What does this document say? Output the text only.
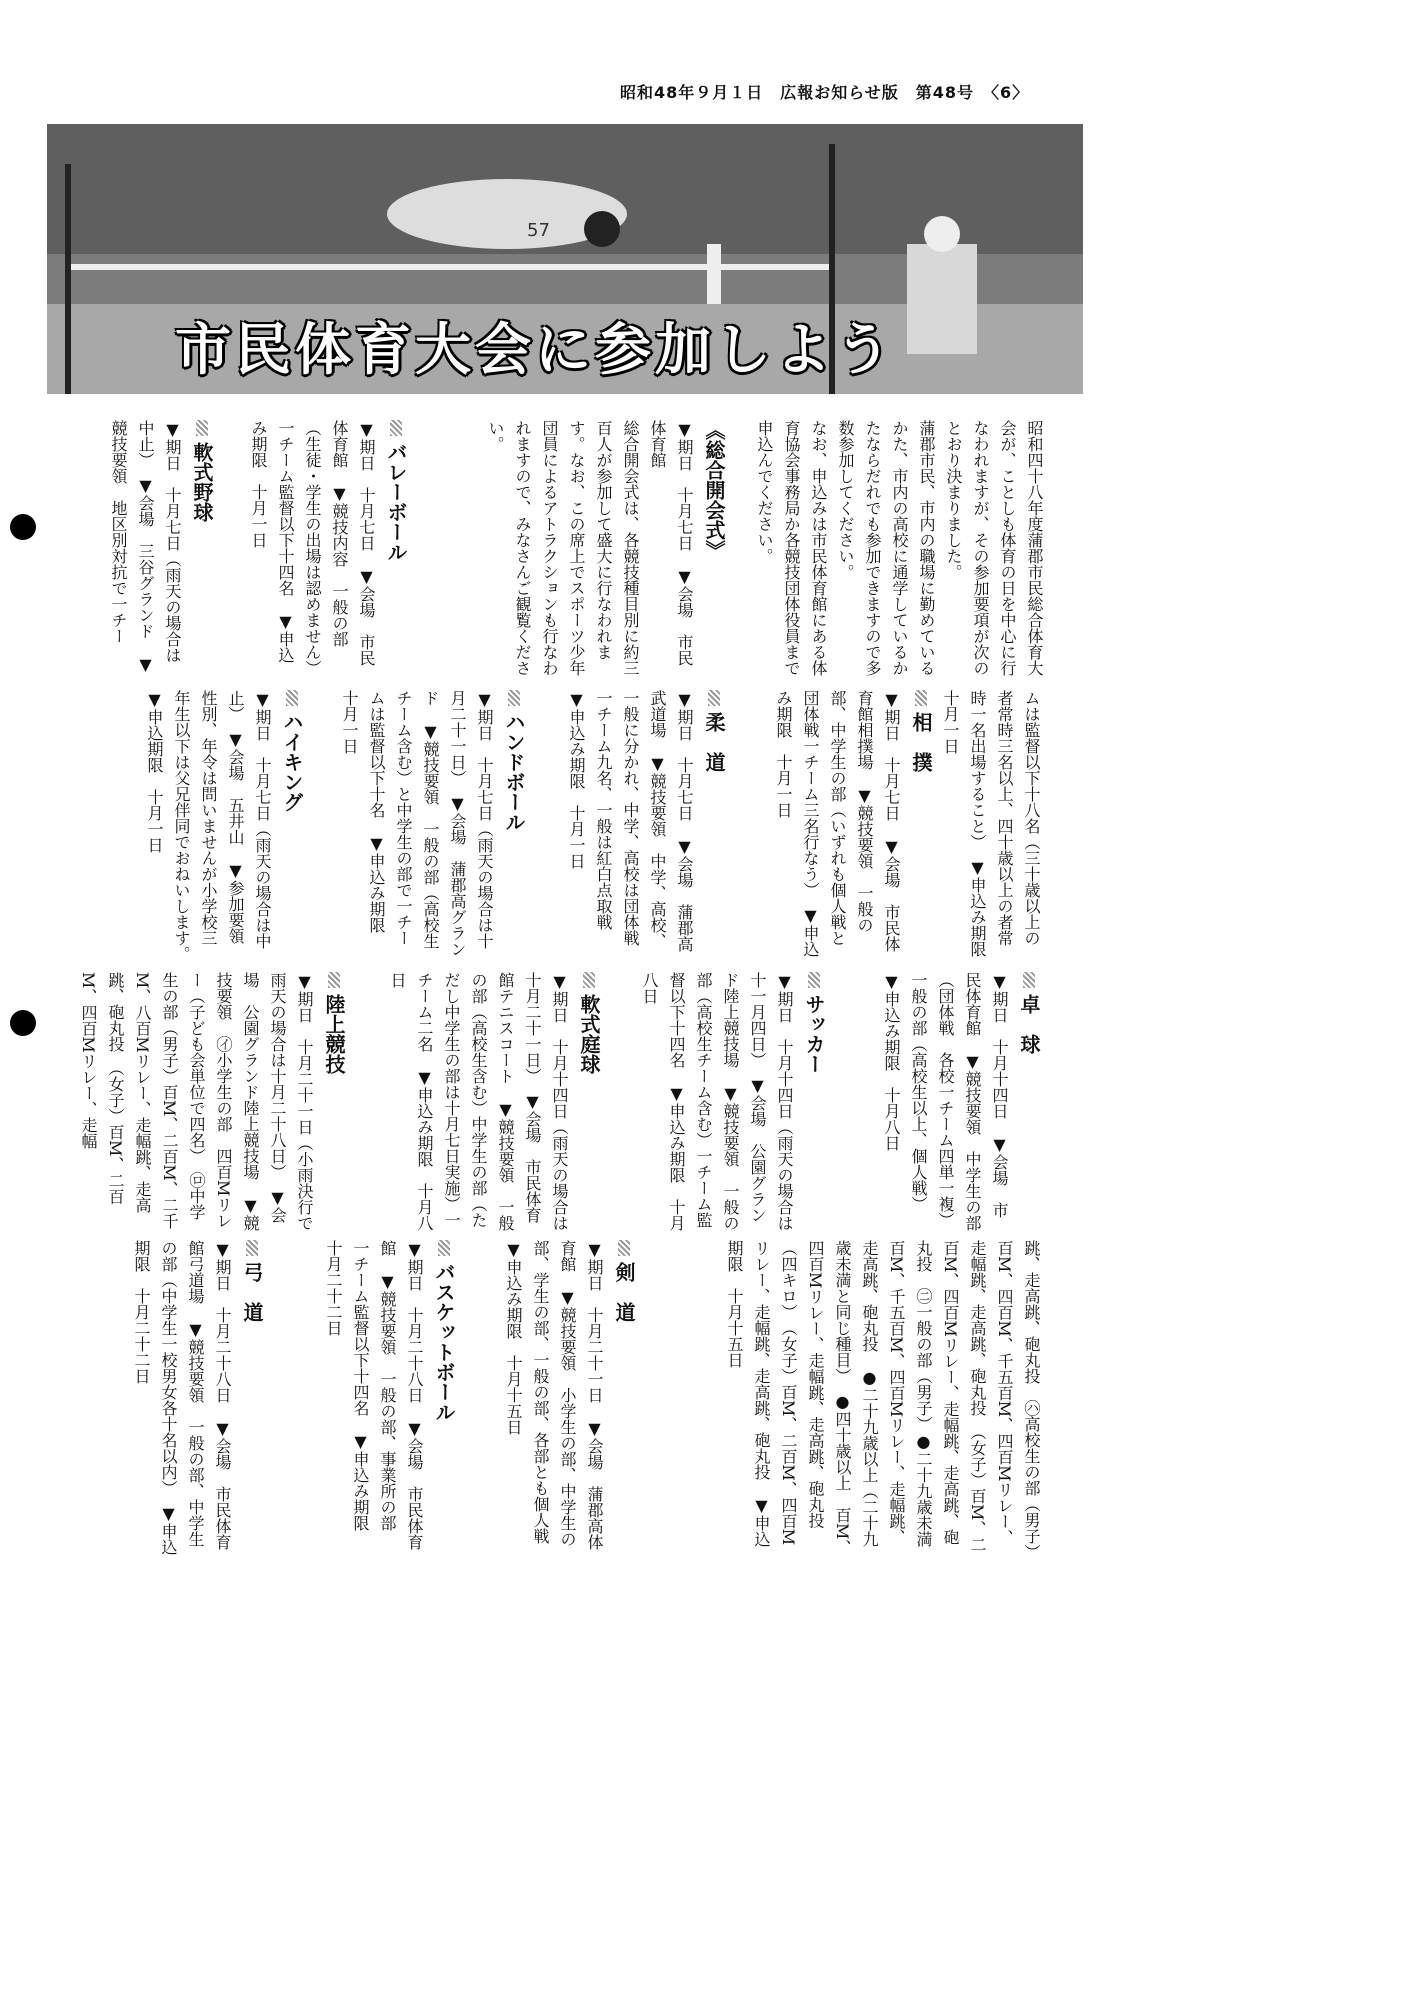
昭和48年９月１日　広報お知らせ版　第48号　〈6〉
57
市民体育大会に参加しよう

昭和四十八年度蒲郡市民総合体育大会が、ことしも体育の日を中心に行なわれますが、その参加要項が次のとおり決まりました。

蒲郡市民、市内の職場に勤めているかた、市内の高校に通学しているかたならだれでも参加できますので多数参加してください。

なお、申込みは市民体育館にある体育協会事務局か各競技団体役員まで申込んでください。

《総合開会式》

▼期日　十月七日　▼会場　市民体育館

総合開会式は、各競技種目別に約三百人が参加して盛大に行なわれます。なお、この席上でスポーツ少年団員によるアトラクションも行なわれますので、みなさんご観覧ください。

バレーボール

▼期日　十月七日　▼会場　市民体育館　▼競技内容　一般の部（生徒・学生の出場は認めません）一チーム監督以下十四名　▼申込み期限　十月一日

軟式野球

▼期日　十月七日（雨天の場合は中止）　▼会場　三谷グランド　▼競技要領　地区別対抗で一チー

ムは監督以下十八名（三十歳以上の者常時三名以上、四十歳以上の者常時一名出場すること）　▼申込み期限　十月一日

相　撲

▼期日　十月七日　▼会場　市民体育館相撲場　▼競技要領　一般の部、中学生の部（いずれも個人戦と団体戦一チーム三名行なう）　▼申込み期限　十月一日

柔　道

▼期日　十月七日　▼会場　蒲郡高武道場　▼競技要領　中学、高校、一般に分かれ、中学、高校は団体戦一チーム九名、一般は紅白点取戦　▼申込み期限　十月一日

ハンドボール

▼期日　十月七日（雨天の場合は十月二十一日）　▼会場　蒲郡高グランド　▼競技要領　一般の部（高校生チーム含む）と中学生の部で一チームは監督以下十名　▼申込み期限　十月一日

ハイキング

▼期日　十月七日（雨天の場合は中止）　▼会場　五井山　▼参加要領　性別、年令は問いませんが小学校三年生以下は父兄伴同でおねいします。　▼申込期限　十月一日

卓　球

▼期日　十月十四日　▼会場　市民体育館　▼競技要領　中学生の部（団体戦　各校一チーム四単一複）　一般の部（高校生以上、個人戦）　▼申込み期限　十月八日

サッカー

▼期日　十月十四日（雨天の場合は十一月四日）　▼会場　公園グランド陸上競技場　▼競技要領　一般の部（高校生チーム含む）一チーム監督以下十四名　▼申込み期限　十月八日

軟式庭球

▼期日　十月十四日（雨天の場合は十月二十一日）　▼会場　市民体育館テニスコート　▼競技要領　一般の部（高校生含む）中学生の部（ただし中学生の部は十月七日実施）一チーム二名　▼申込み期限　十月八日

陸上競技

▼期日　十月二十一日（小雨決行で雨天の場合は十月二十八日）　▼会場　公園グランド陸上競技場　▼競技要領　㋑小学生の部　四百Mリレー（子ども会単位で四名）　㋺中学生の部（男子）百M、二百M、二千M、八百Mリレー、走幅跳、走高跳、砲丸投　（女子）百M、二百M、四百Mリレー、走幅

跳、走高跳、砲丸投　㋩高校生の部（男子）百M、四百M、千五百M、四百Mリレー、走幅跳、走高跳、砲丸投　（女子）百M、二百M、四百Mリレー、走幅跳、走高跳、砲丸投　㊁一般の部（男子）●二十九歳未満　百M、千五百M、四百Mリレー、走幅跳、走高跳、砲丸投　●二十九歳以上（二十九歳未満と同じ種目）　●四十歳以上　百M、四百Mリレー、走幅跳、走高跳、砲丸投（四キロ）　（女子）百M、二百M、四百Mリレー、走幅跳、走高跳、砲丸投　▼申込期限　十月十五日

剣　道

▼期日　十月二十一日　▼会場　蒲郡高体育館　▼競技要領　小学生の部、中学生の部、学生の部、一般の部、各部とも個人戦　▼申込み期限　十月十五日

バスケットボール

▼期日　十月二十八日　▼会場　市民体育館　▼競技要領　一般の部、事業所の部　一チーム監督以下十四名　▼申込み期限　十月二十二日

弓　道

▼期日　十月二十八日　▼会場　市民体育館弓道場　▼競技要領　一般の部、中学生の部（中学生一校男女各十名以内）　▼申込期限　十月二十二日
